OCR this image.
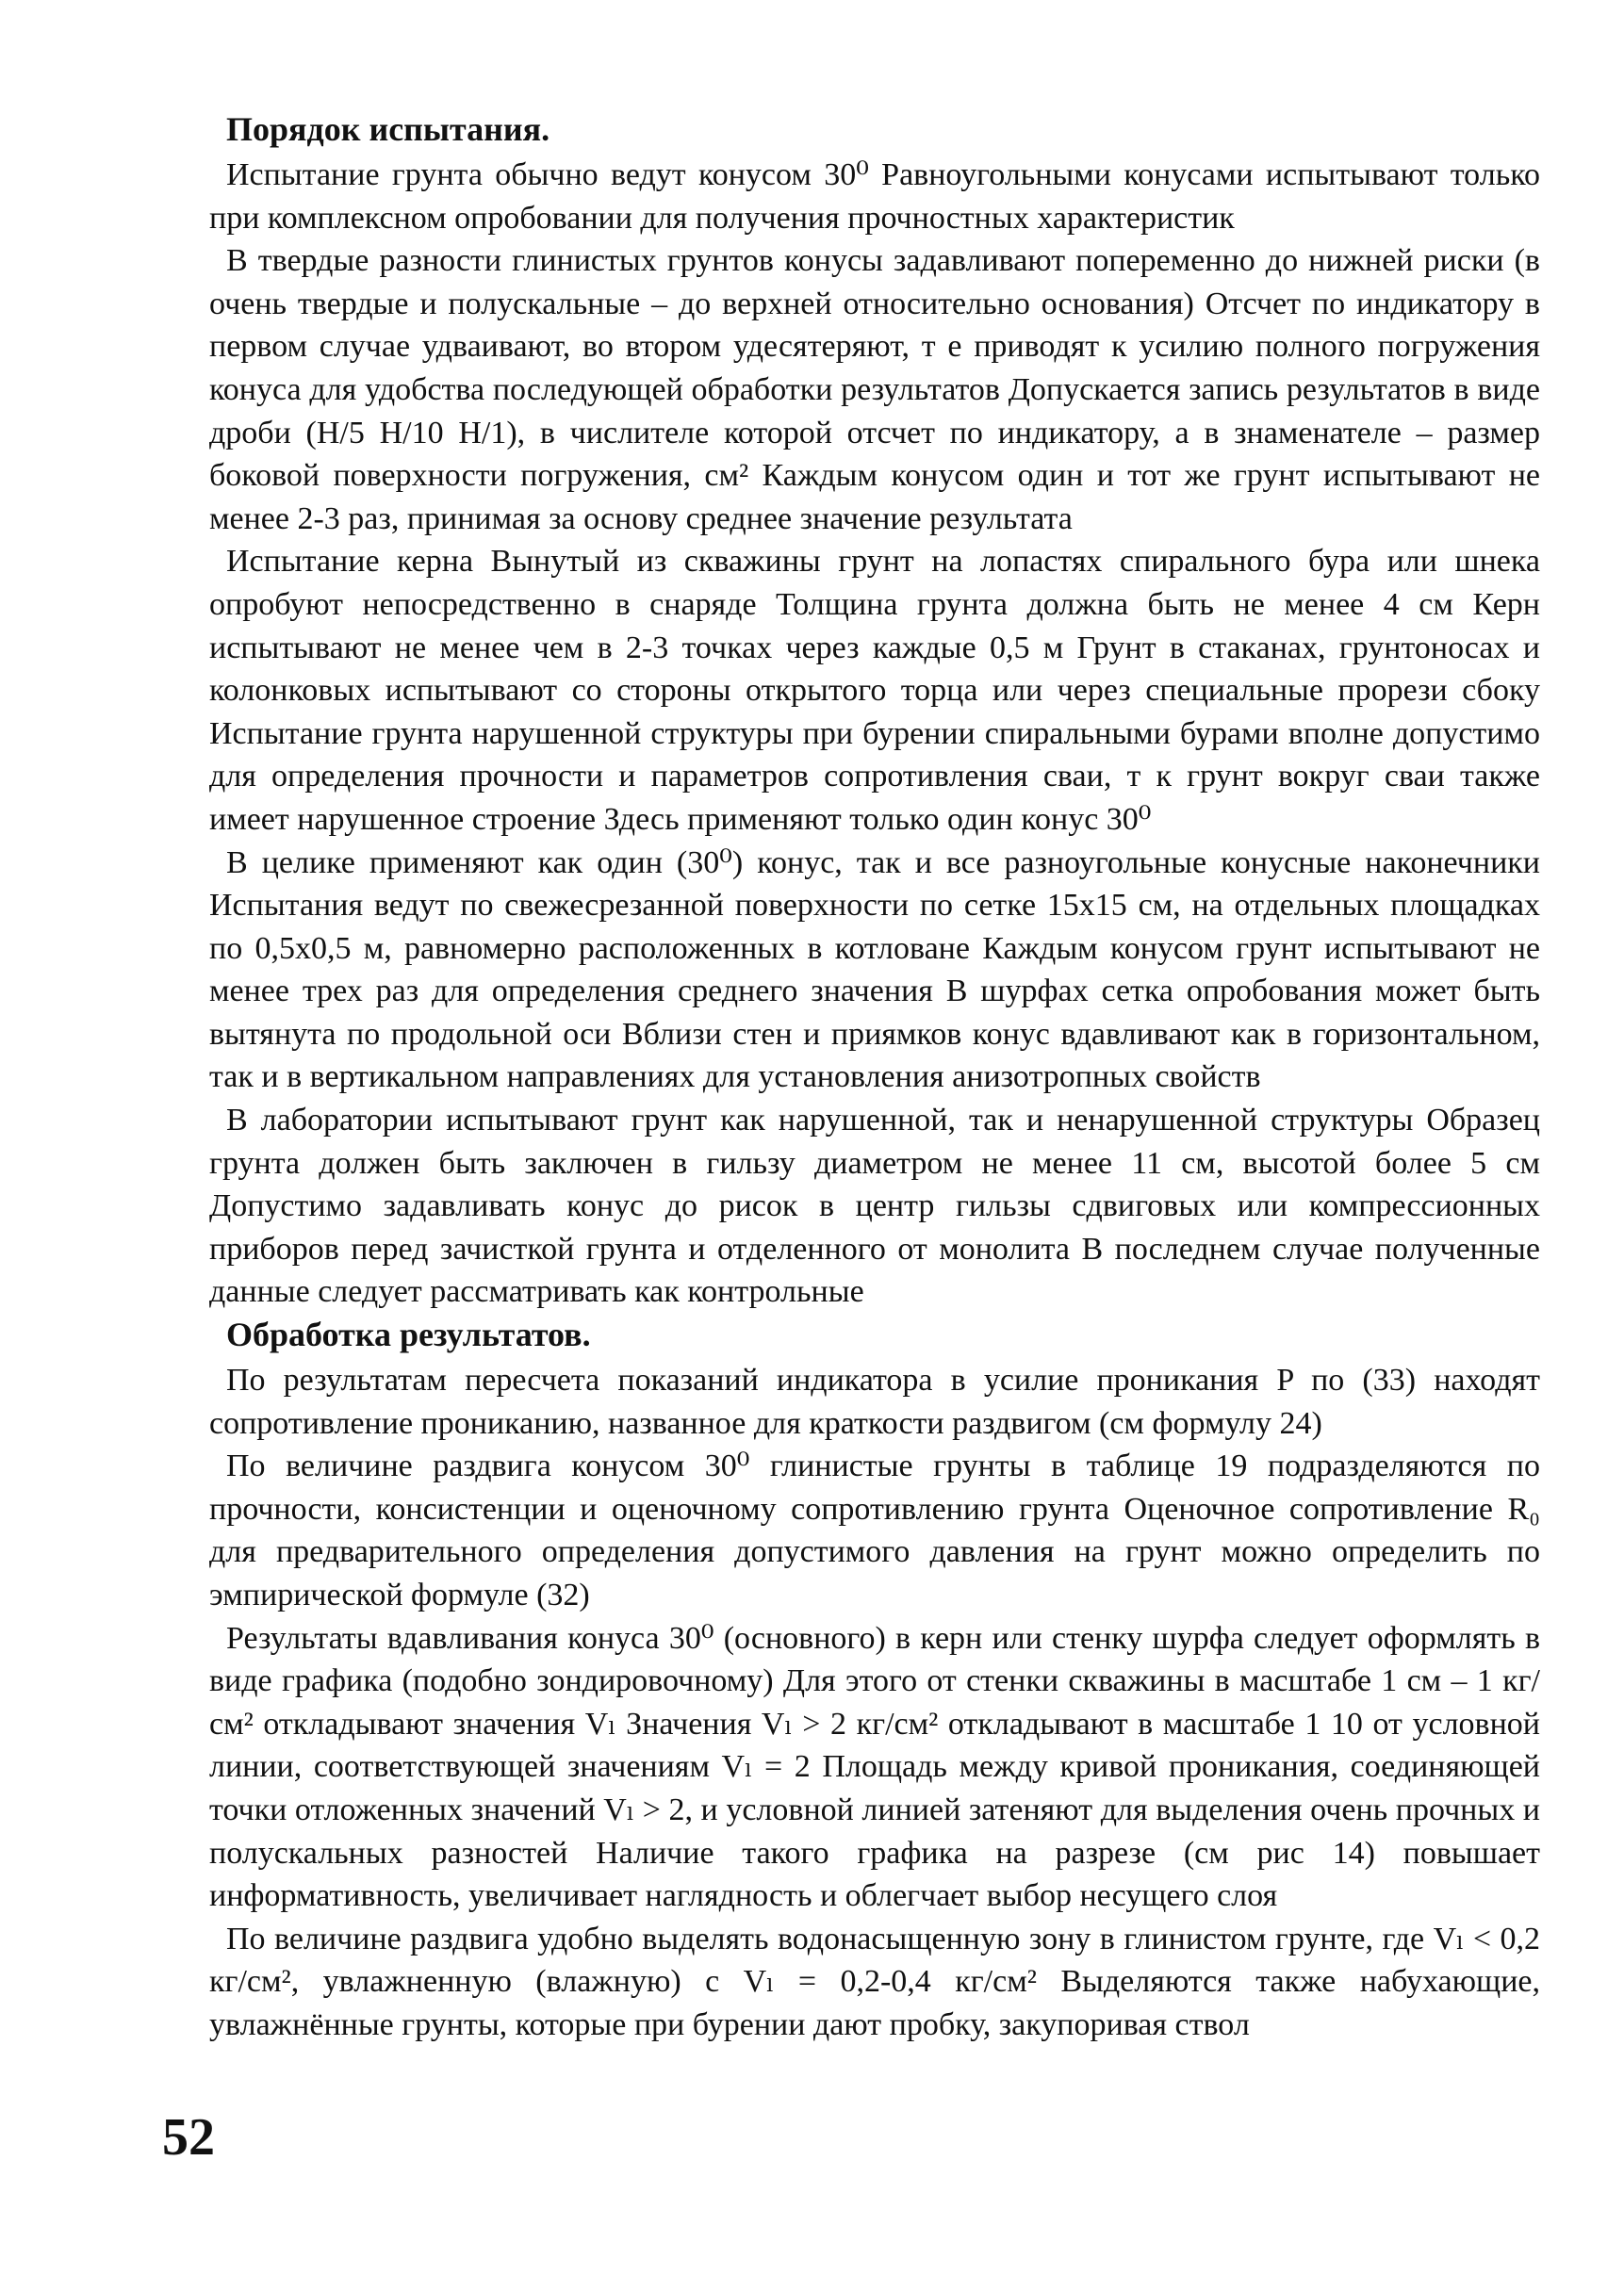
Порядок испытания.

Испытание грунта обычно ведут конусом 30⁰ Равноугольными конусами испытывают только при комплексном опробовании для получения прочностных характеристик

В твердые разности глинистых грунтов конусы задавливают попеременно до нижней риски (в очень твердые и полускальные – до верхней относительно основания) Отсчет по индикатору в первом случае удваивают, во втором удесятеряют, т е приводят к усилию полного погружения конуса для удобства последующей обработки результатов Допускается запись результатов в виде дроби (H/5 H/10 H/1), в числителе которой отсчет по индикатору, а в знаменателе – размер боковой поверхности погружения, см² Каждым конусом один и тот же грунт испытывают не менее 2-3 раз, принимая за основу среднее значение результата

Испытание керна Вынутый из скважины грунт на лопастях спирального бура или шнека опробуют непосредственно в снаряде Толщина грунта должна быть не менее 4 см Керн испытывают не менее чем в 2-3 точках через каждые 0,5 м Грунт в стаканах, грунтоносах и колонковых испытывают со стороны открытого торца или через специальные прорези сбоку Испытание грунта нарушенной структуры при бурении спиральными бурами вполне допустимо для определения прочности и параметров сопротивления сваи, т к грунт вокруг сваи также имеет нарушенное строение Здесь применяют только один конус 30⁰

В целике применяют как один (30⁰) конус, так и все разноугольные конусные наконечники Испытания ведут по свежесрезанной поверхности по сетке 15х15 см, на отдельных площадках по 0,5х0,5 м, равномерно расположенных в котловане Каждым конусом грунт испытывают не менее трех раз для определения среднего значения В шурфах сетка опробования может быть вытянута по продольной оси Вблизи стен и приямков конус вдавливают как в горизонтальном, так и в вертикальном направлениях для установления анизотропных свойств

В лаборатории испытывают грунт как нарушенной, так и ненарушенной структуры Образец грунта должен быть заключен в гильзу диаметром не менее 11 см, высотой более 5 см Допустимо задавливать конус до рисок в центр гильзы сдвиговых или компрессионных приборов перед зачисткой грунта и отделенного от монолита В последнем случае полученные данные следует рассматривать как контрольные

Обработка результатов.

По результатам пересчета показаний индикатора в усилие проникания P по (33) находят сопротивление прониканию, названное для краткости раздвигом (см формулу 24)

По величине раздвига конусом 30⁰ глинистые грунты в таблице 19 подразделяются по прочности, консистенции и оценочному сопротивлению грунта Оценочное сопротивление R₀ для предварительного определения допустимого давления на грунт можно определить по эмпирической формуле (32)

Результаты вдавливания конуса 30⁰ (основного) в керн или стенку шурфа следует оформлять в виде графика (подобно зондировочному) Для этого от стенки скважины в масштабе 1 см – 1 кг/см² откладывают значения Vₗ Значения Vₗ > 2 кг/см² откладывают в масштабе 1 10 от условной линии, соответствующей значениям Vₗ = 2 Площадь между кривой проникания, соединяющей точки отложенных значений Vₗ > 2, и условной линией затеняют для выделения очень прочных и полускальных разностей Наличие такого графика на разрезе (см рис 14) повышает информативность, увеличивает наглядность и облегчает выбор несущего слоя

По величине раздвига удобно выделять водонасыщенную зону в глинистом грунте, где Vₗ < 0,2 кг/см², увлажненную (влажную) с Vₗ = 0,2-0,4 кг/см² Выделяются также набухающие, увлажнённые грунты, которые при бурении дают пробку, закупоривая ствол

52
